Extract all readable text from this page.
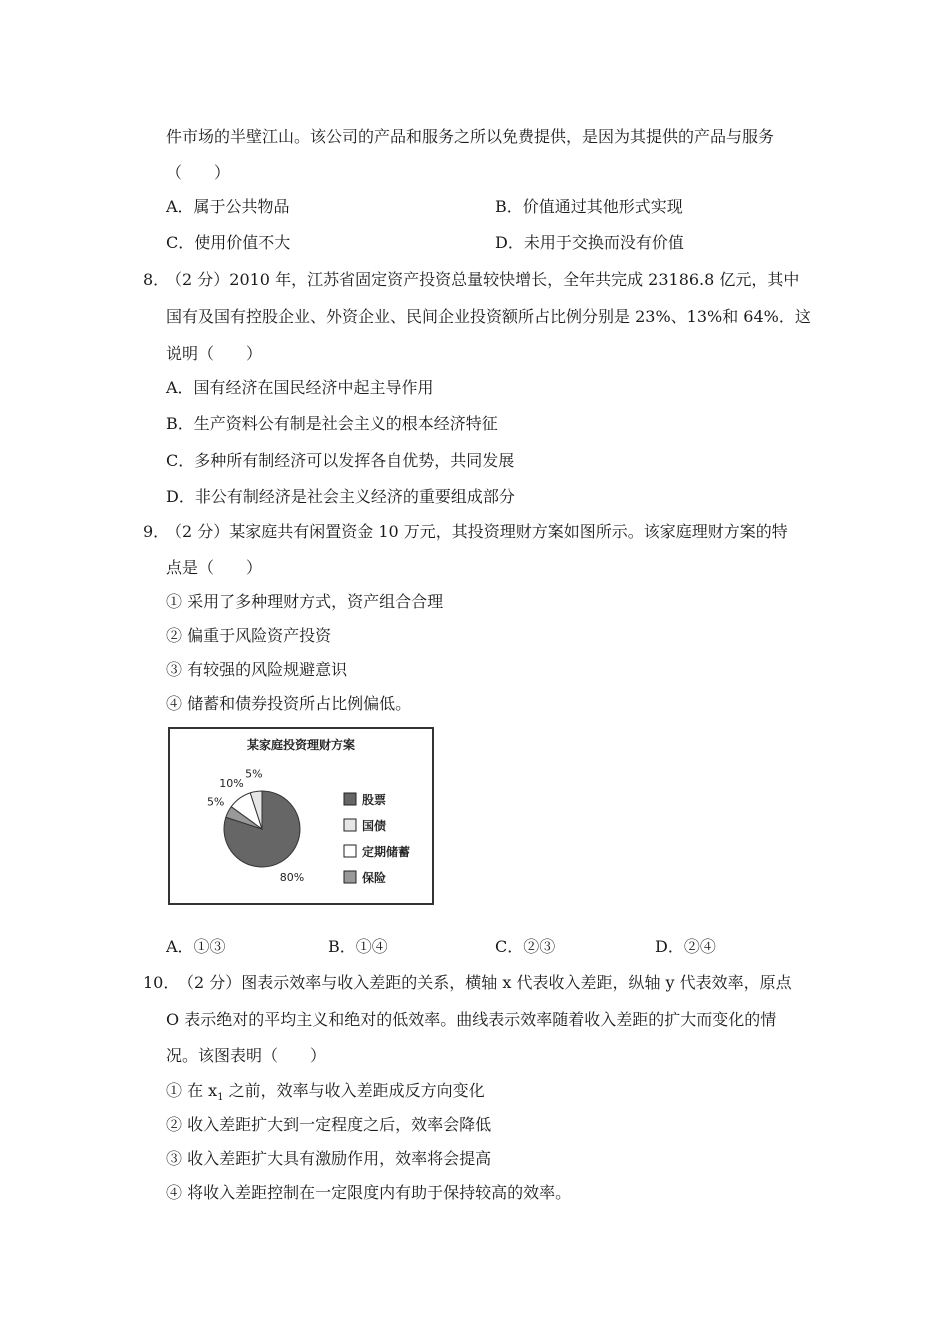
件市场的半壁江山。该公司的产品和服务之所以免费提供，是因为其提供的产品与服务
（　　）
A．属于公共物品	B．价值通过其他形式实现
C．使用价值不大	D．未用于交换而没有价值
8．
（2 分）2010 年，江苏省固定资产投资总量较快增长，全年共完成 23186.8 亿元，其中
国有及国有控股企业、外资企业、民间企业投资额所占比例分别是 23%、13%和 64%．这
说明（　　）
A．国有经济在国民经济中起主导作用
B．生产资料公有制是社会主义的根本经济特征
C．多种所有制经济可以发挥各自优势，共同发展
D．非公有制经济是社会主义经济的重要组成部分
9．
（2 分）某家庭共有闲置资金 10 万元，其投资理财方案如图所示。该家庭理财方案的特
点是（　　）
① 采用了多种理财方式，资产组合合理
② 偏重于风险资产投资
③ 有较强的风险规避意识
④ 储蓄和债券投资所占比例偏低。
某家庭投资理财方案
80%
5%
10%
5%
股票
国债
定期储蓄
保险
A．①③	B．①④	C．②③	D．②④
10．
（2 分）图表示效率与收入差距的关系，横轴 x 代表收入差距，纵轴 y 代表效率，原点
O 表示绝对的平均主义和绝对的低效率。曲线表示效率随着收入差距的扩大而变化的情
况。该图表明（　　）
① 在 $x_1$ 之前，效率与收入差距成反方向变化
② 收入差距扩大到一定程度之后，效率会降低
③ 收入差距扩大具有激励作用，效率将会提高
④ 将收入差距控制在一定限度内有助于保持较高的效率。
